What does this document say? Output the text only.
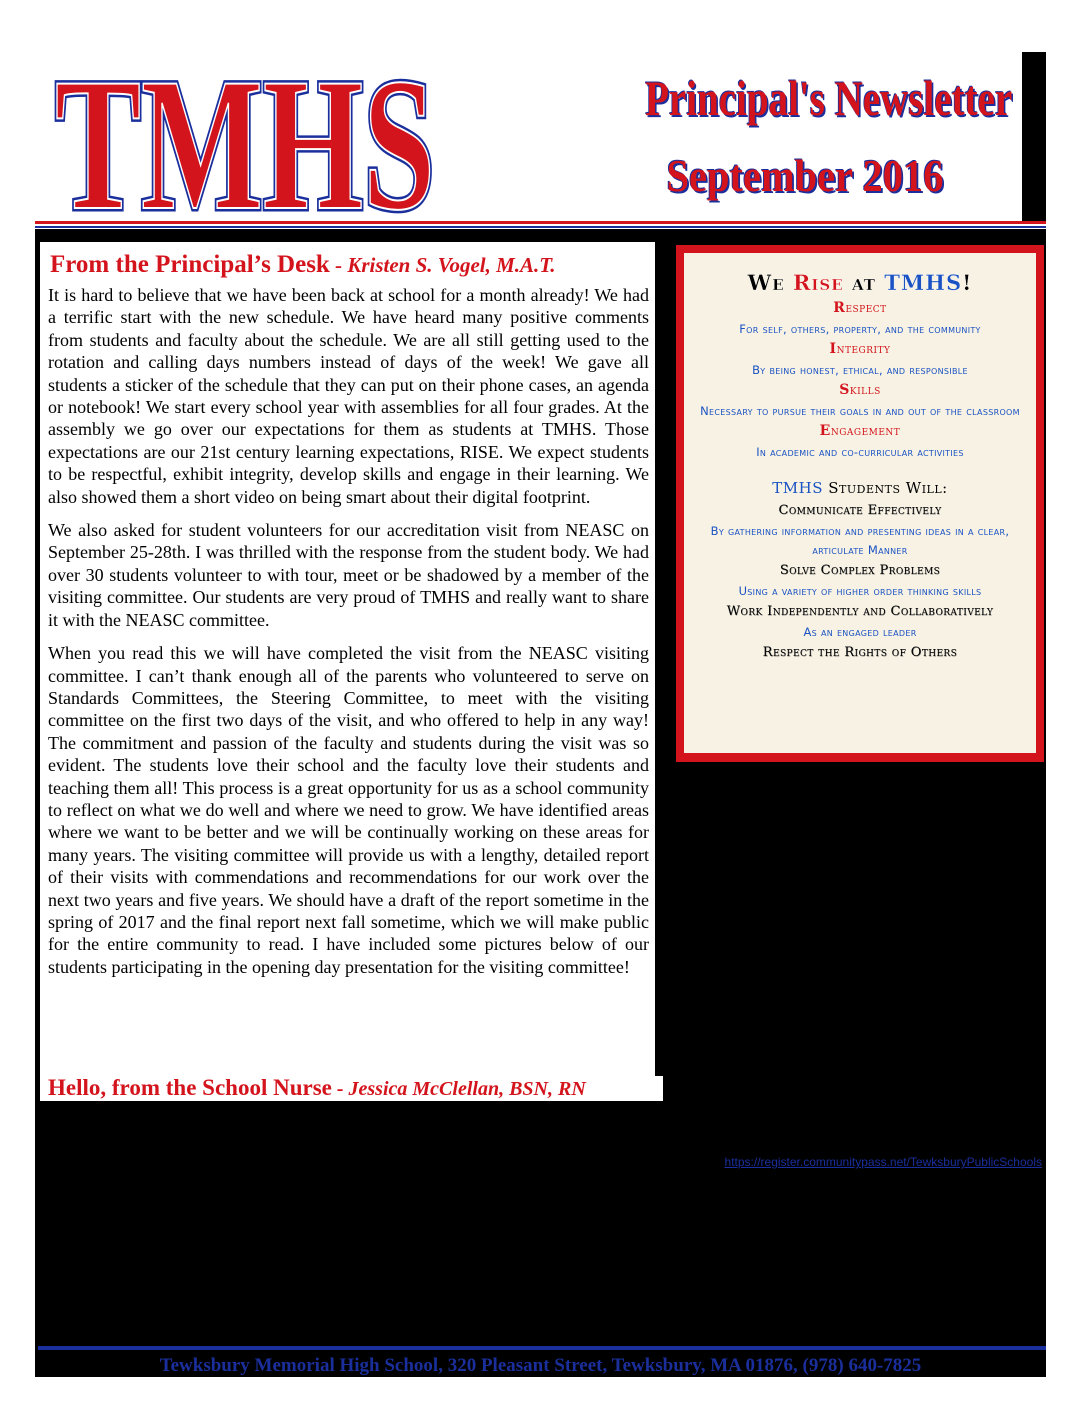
TMHS
TMHS	Principal's Newsletter
September 2016
From the Principal’s Desk - Kristen S. Vogel, M.A.T.

It is hard to believe that we have been back at school for a month already! We had a terrific start with the new schedule. We have heard many positive comments from students and faculty about the schedule. We are all still getting used to the rotation and calling days numbers instead of days of the week! We gave all students a sticker of the schedule that they can put on their phone cases, an agenda or notebook! We start every school year with assemblies for all four grades. At the assembly we go over our expectations for them as students at TMHS. Those expectations are our 21st century learning expectations, RISE. We expect students to be respectful, exhibit integrity, develop skills and engage in their learning. We also showed them a short video on being smart about their digital footprint.

We also asked for student volunteers for our accreditation visit from NEASC on September 25-28th. I was thrilled with the response from the student body. We had over 30 students volunteer to with tour, meet or be shadowed by a member of the visiting committee. Our students are very proud of TMHS and really want to share it with the NEASC committee.

When you read this we will have completed the visit from the NEASC visiting committee. I can’t thank enough all of the parents who volunteered to serve on Standards Committees, the Steering Committee, to meet with the visiting committee on the first two days of the visit, and who offered to help in any way! The commitment and passion of the faculty and students during the visit was so evident. The students love their school and the faculty love their students and teaching them all! This process is a great opportunity for us as a school community to reflect on what we do well and where we need to grow. We have identified areas where we want to be better and we will be continually working on these areas for many years. The visiting committee will provide us with a lengthy, detailed report of their visits with commendations and recommendations for our work over the next two years and five years. We should have a draft of the report sometime in the spring of 2017 and the final report next fall sometime, which we will make public for the entire community to read. I have included some pictures below of our students participating in the opening day presentation for the visiting committee!

Hello, from the School Nurse - Jessica McClellan, BSN, RN
We Rise at TMHS!
Respect
For self, others, property, and the community
Integrity
By being honest, ethical, and responsible
Skills
Necessary to pursue their goals in and out of the classroom
Engagement
In academic and co-curricular activities
TMHS Students Will:
Communicate Effectively
By gathering information and presenting ideas in a clear,
articulate Manner
Solve Complex Problems
Using a variety of higher order thinking skills
Work Independently and Collaboratively
As an engaged leader
Respect the Rights of Others
https://register.communitypass.net/TewksburyPublicSchools
Tewksbury Memorial High School, 320 Pleasant Street, Tewksbury, MA 01876, (978) 640-7825
